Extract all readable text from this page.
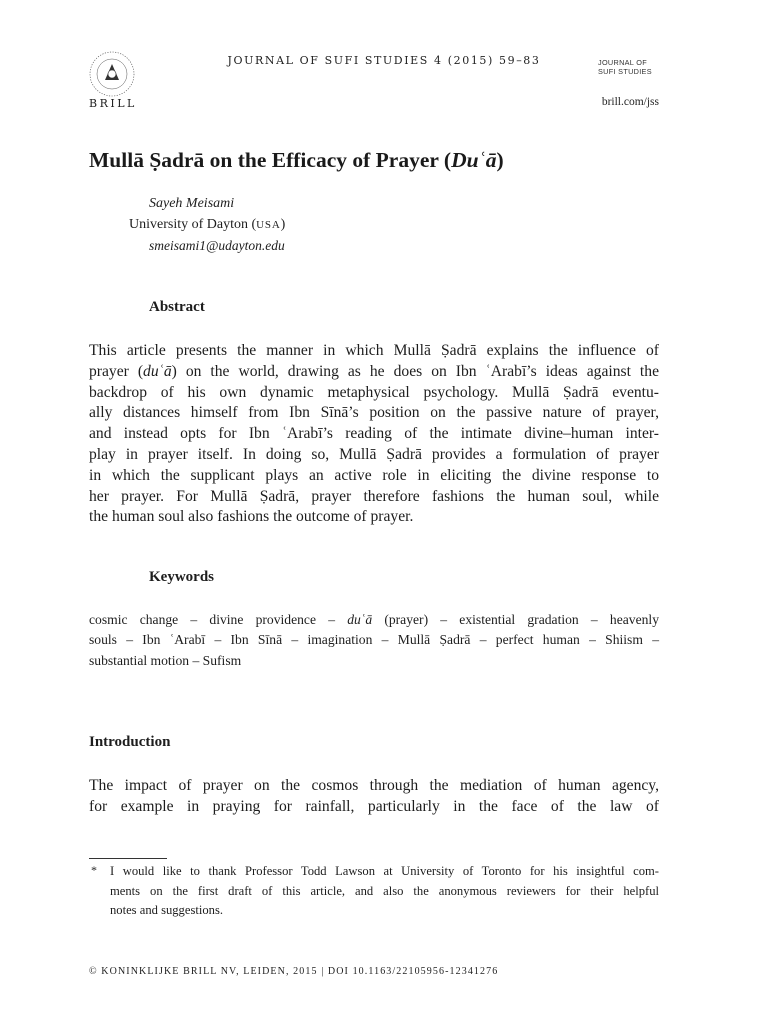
BRILL
JOURNAL OF SUFI STUDIES 4 (2015) 59–83	JOURNAL OF
SUFI STUDIES
brill.com/jss
Mullā Ṣadrā on the Efficacy of Prayer (Duʿā)
Sayeh Meisami
University of Dayton (USA)
smeisami1@udayton.edu
Abstract
This article presents the manner in which Mullā Ṣadrā explains the influence of
prayer (duʿā) on the world, drawing as he does on Ibn ʿArabī’s ideas against the
backdrop of his own dynamic metaphysical psychology. Mullā Ṣadrā eventu-
ally distances himself from Ibn Sīnā’s position on the passive nature of prayer,
and instead opts for Ibn ʿArabī’s reading of the intimate divine–human inter-
play in prayer itself. In doing so, Mullā Ṣadrā provides a formulation of prayer
in which the supplicant plays an active role in eliciting the divine response to
her prayer. For Mullā Ṣadrā, prayer therefore fashions the human soul, while
the human soul also fashions the outcome of prayer.
Keywords
cosmic change – divine providence – duʿā (prayer) – existential gradation – heavenly
souls – Ibn ʿArabī – Ibn Sīnā – imagination – Mullā Ṣadrā – perfect human – Shiism –
substantial motion – Sufism
Introduction
The impact of prayer on the cosmos through the mediation of human agency,
for example in praying for rainfall, particularly in the face of the law of
* I would like to thank Professor Todd Lawson at University of Toronto for his insightful com-
ments on the first draft of this article, and also the anonymous reviewers for their helpful
notes and suggestions.
© KONINKLIJKE BRILL NV, LEIDEN, 2015 | DOI 10.1163/22105956-12341276
